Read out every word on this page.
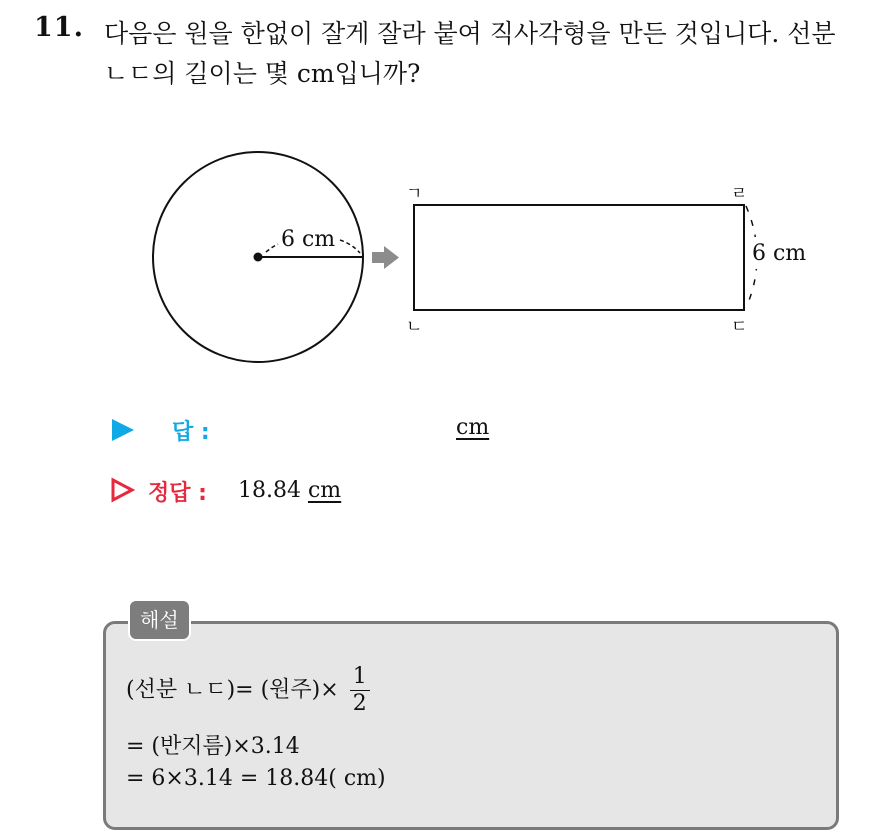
11. 다음은 원을 한없이 잘게 잘라 붙여 직사각형을 만든 것입니다. 선분
ㄴㄷ의 길이는 몇 cm입니까?
6 cm
6 cm
ㄱ	ㄹ
ㄴ	ㄷ
답 :	cm
정답 : 18.84 cm
해설
(선분 ㄴㄷ)= (원주)× $\frac{1}{2}$
= (반지름)×3.14
= 6×3.14 = 18.84( cm)
